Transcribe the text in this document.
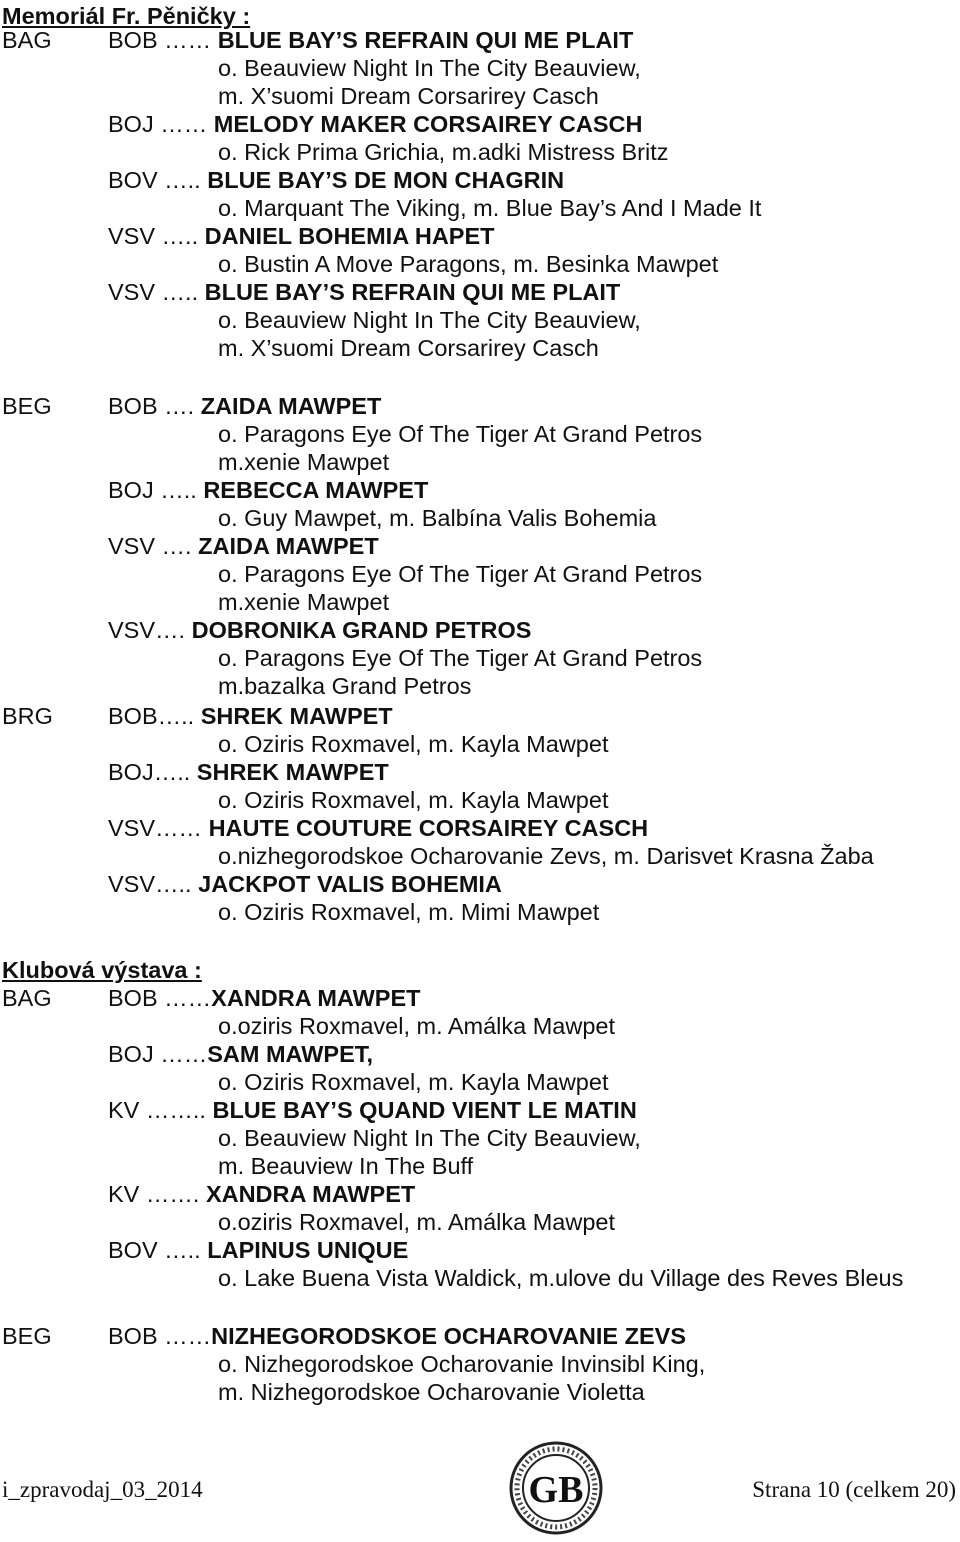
Memoriál Fr. Pěničky :
BAG BOB …… BLUE BAY’S REFRAIN QUI ME PLAIT
o. Beauview Night In The City Beauview,
m. X’suomi Dream Corsarirey Casch
BOJ …… MELODY MAKER CORSAIREY CASCH
o. Rick Prima Grichia, m.adki Mistress Britz
BOV ….. BLUE BAY’S DE MON CHAGRIN
o. Marquant The Viking, m. Blue Bay’s And I Made It
VSV ….. DANIEL BOHEMIA HAPET
o. Bustin A Move Paragons, m. Besinka Mawpet
VSV ….. BLUE BAY’S REFRAIN QUI ME PLAIT
o. Beauview Night In The City Beauview,
m. X’suomi Dream Corsarirey Casch
BEG BOB …. ZAIDA MAWPET
o. Paragons Eye Of The Tiger At Grand Petros
m.xenie Mawpet
BOJ ….. REBECCA MAWPET
o. Guy Mawpet, m. Balbína Valis Bohemia
VSV …. ZAIDA MAWPET
o. Paragons Eye Of The Tiger At Grand Petros
m.xenie Mawpet
VSV…. DOBRONIKA GRAND PETROS
o. Paragons Eye Of The Tiger At Grand Petros
m.bazalka Grand Petros
BRG BOB….. SHREK MAWPET
o. Oziris Roxmavel, m. Kayla Mawpet
BOJ….. SHREK MAWPET
o. Oziris Roxmavel, m. Kayla Mawpet
VSV…… HAUTE COUTURE CORSAIREY CASCH
o.nizhegorodskoe Ocharovanie Zevs, m. Darisvet Krasna Žaba
VSV….. JACKPOT VALIS BOHEMIA
o. Oziris Roxmavel, m. Mimi Mawpet
Klubová výstava :
BAG BOB ……XANDRA MAWPET
o.oziris Roxmavel, m. Amálka Mawpet
BOJ ……SAM MAWPET,
o. Oziris Roxmavel, m. Kayla Mawpet
KV …….. BLUE BAY’S QUAND VIENT LE MATIN
o. Beauview Night In The City Beauview,
m. Beauview In The Buff
KV ……. XANDRA MAWPET
o.oziris Roxmavel, m. Amálka Mawpet
BOV ….. LAPINUS UNIQUE
o. Lake Buena Vista Waldick, m.ulove du Village des Reves Bleus
BEG BOB ……NIZHEGORODSKOE OCHAROVANIE ZEVS
o. Nizhegorodskoe Ocharovanie Invinsibl King,
m. Nizhegorodskoe Ocharovanie Violetta
i_zpravodaj_03_2014	GB	Strana 10 (celkem 20)
